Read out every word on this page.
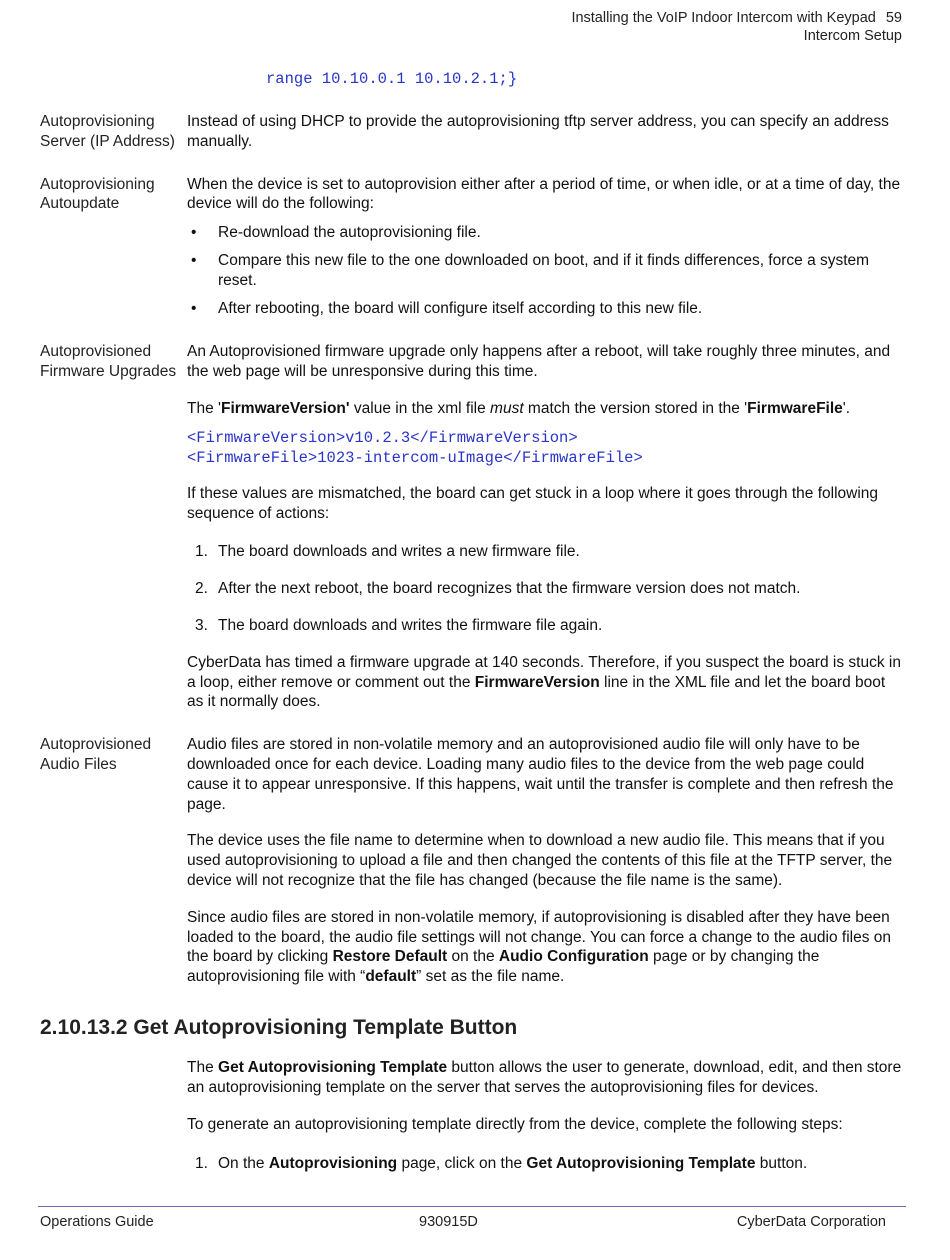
Installing the VoIP Indoor Intercom with Keypad 59
Intercom Setup
range 10.10.0.1 10.10.2.1;}
Autoprovisioning
Server (IP Address)

Instead of using DHCP to provide the autoprovisioning tftp server address, you can specify an address manually.

Autoprovisioning
Autoupdate

When the device is set to autoprovision either after a period of time, or when idle, or at a time of day, the device will do the following:

• Re-download the autoprovisioning file.
• Compare this new file to the one downloaded on boot, and if it finds differences, force a system reset.
• After rebooting, the board will configure itself according to this new file.
Autoprovisioned
Firmware Upgrades

An Autoprovisioned firmware upgrade only happens after a reboot, will take roughly three minutes, and the web page will be unresponsive during this time.

The 'FirmwareVersion' value in the xml file must match the version stored in the 'FirmwareFile'.

<FirmwareVersion>v10.2.3</FirmwareVersion>
<FirmwareFile>1023-intercom-uImage</FirmwareFile>

If these values are mismatched, the board can get stuck in a loop where it goes through the following sequence of actions:

1. The board downloads and writes a new firmware file.
2. After the next reboot, the board recognizes that the firmware version does not match.
3. The board downloads and writes the firmware file again.

CyberData has timed a firmware upgrade at 140 seconds. Therefore, if you suspect the board is stuck in a loop, either remove or comment out the FirmwareVersion line in the XML file and let the board boot as it normally does.

Autoprovisioned
Audio Files

Audio files are stored in non-volatile memory and an autoprovisioned audio file will only have to be downloaded once for each device. Loading many audio files to the device from the web page could cause it to appear unresponsive. If this happens, wait until the transfer is complete and then refresh the page.

The device uses the file name to determine when to download a new audio file. This means that if you used autoprovisioning to upload a file and then changed the contents of this file at the TFTP server, the device will not recognize that the file has changed (because the file name is the same).

Since audio files are stored in non-volatile memory, if autoprovisioning is disabled after they have been loaded to the board, the audio file settings will not change. You can force a change to the audio files on the board by clicking Restore Default on the Audio Configuration page or by changing the autoprovisioning file with “default” set as the file name.

2.10.13.2 Get Autoprovisioning Template Button

The Get Autoprovisioning Template button allows the user to generate, download, edit, and then store an autoprovisioning template on the server that serves the autoprovisioning files for devices.

To generate an autoprovisioning template directly from the device, complete the following steps:

1. On the Autoprovisioning page, click on the Get Autoprovisioning Template button.
Operations Guide	930915D	CyberData Corporation
